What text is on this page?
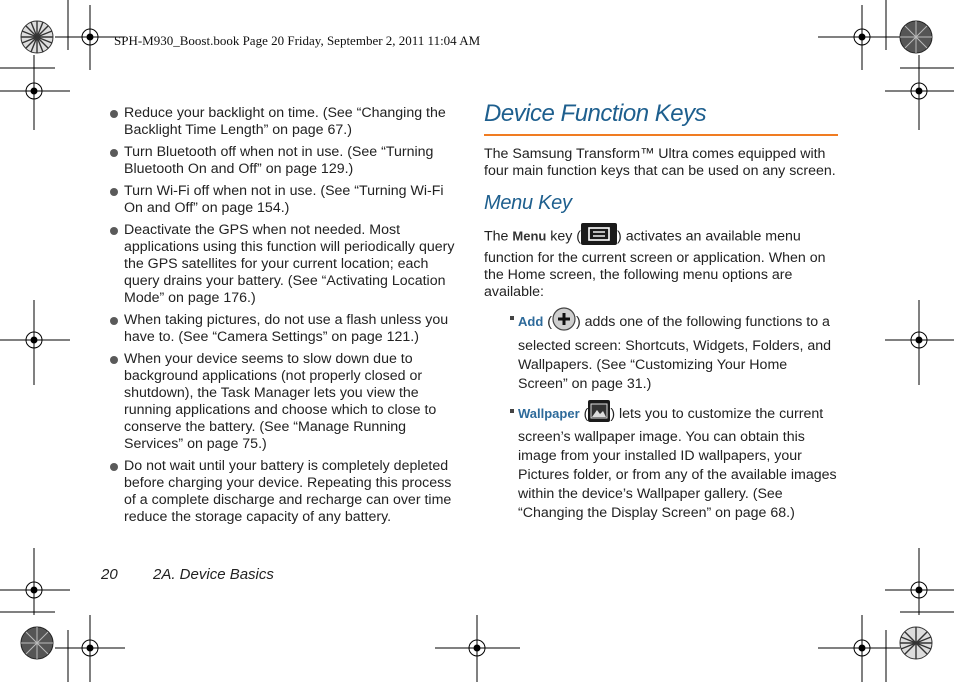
SPH-M930_Boost.book Page 20 Friday, September 2, 2011 11:04 AM
Reduce your backlight on time. (See “Changing the Backlight Time Length” on page 67.)
Turn Bluetooth off when not in use. (See “Turning Bluetooth On and Off” on page 129.)
Turn Wi-Fi off when not in use. (See “Turning Wi-Fi On and Off” on page 154.)
Deactivate the GPS when not needed. Most applications using this function will periodically query the GPS satellites for your current location; each query drains your battery. (See “Activating Location Mode” on page 176.)
When taking pictures, do not use a flash unless you have to. (See “Camera Settings” on page 121.)
When your device seems to slow down due to background applications (not properly closed or shutdown), the Task Manager lets you view the running applications and choose which to close to conserve the battery. (See “Manage Running Services” on page 75.)
Do not wait until your battery is completely depleted before charging your device. Repeating this process of a complete discharge and recharge can over time reduce the storage capacity of any battery.
Device Function Keys

The Samsung Transform™ Ultra comes equipped with four main function keys that can be used on any screen.

Menu Key

The Menu key (	) activates an available menu function for the current screen or application. When on the Home screen, the following menu options are available:

Add ( ) adds one of the following functions to a selected screen: Shortcuts, Widgets, Folders, and Wallpapers. (See “Customizing Your Home Screen” on page 31.)
Wallpaper ( ) lets you to customize the current screen’s wallpaper image. You can obtain this image from your installed ID wallpapers, your Pictures folder, or from any of the available images within the device’s Wallpaper gallery. (See “Changing the Display Screen” on page 68.)
20 2A. Device Basics
